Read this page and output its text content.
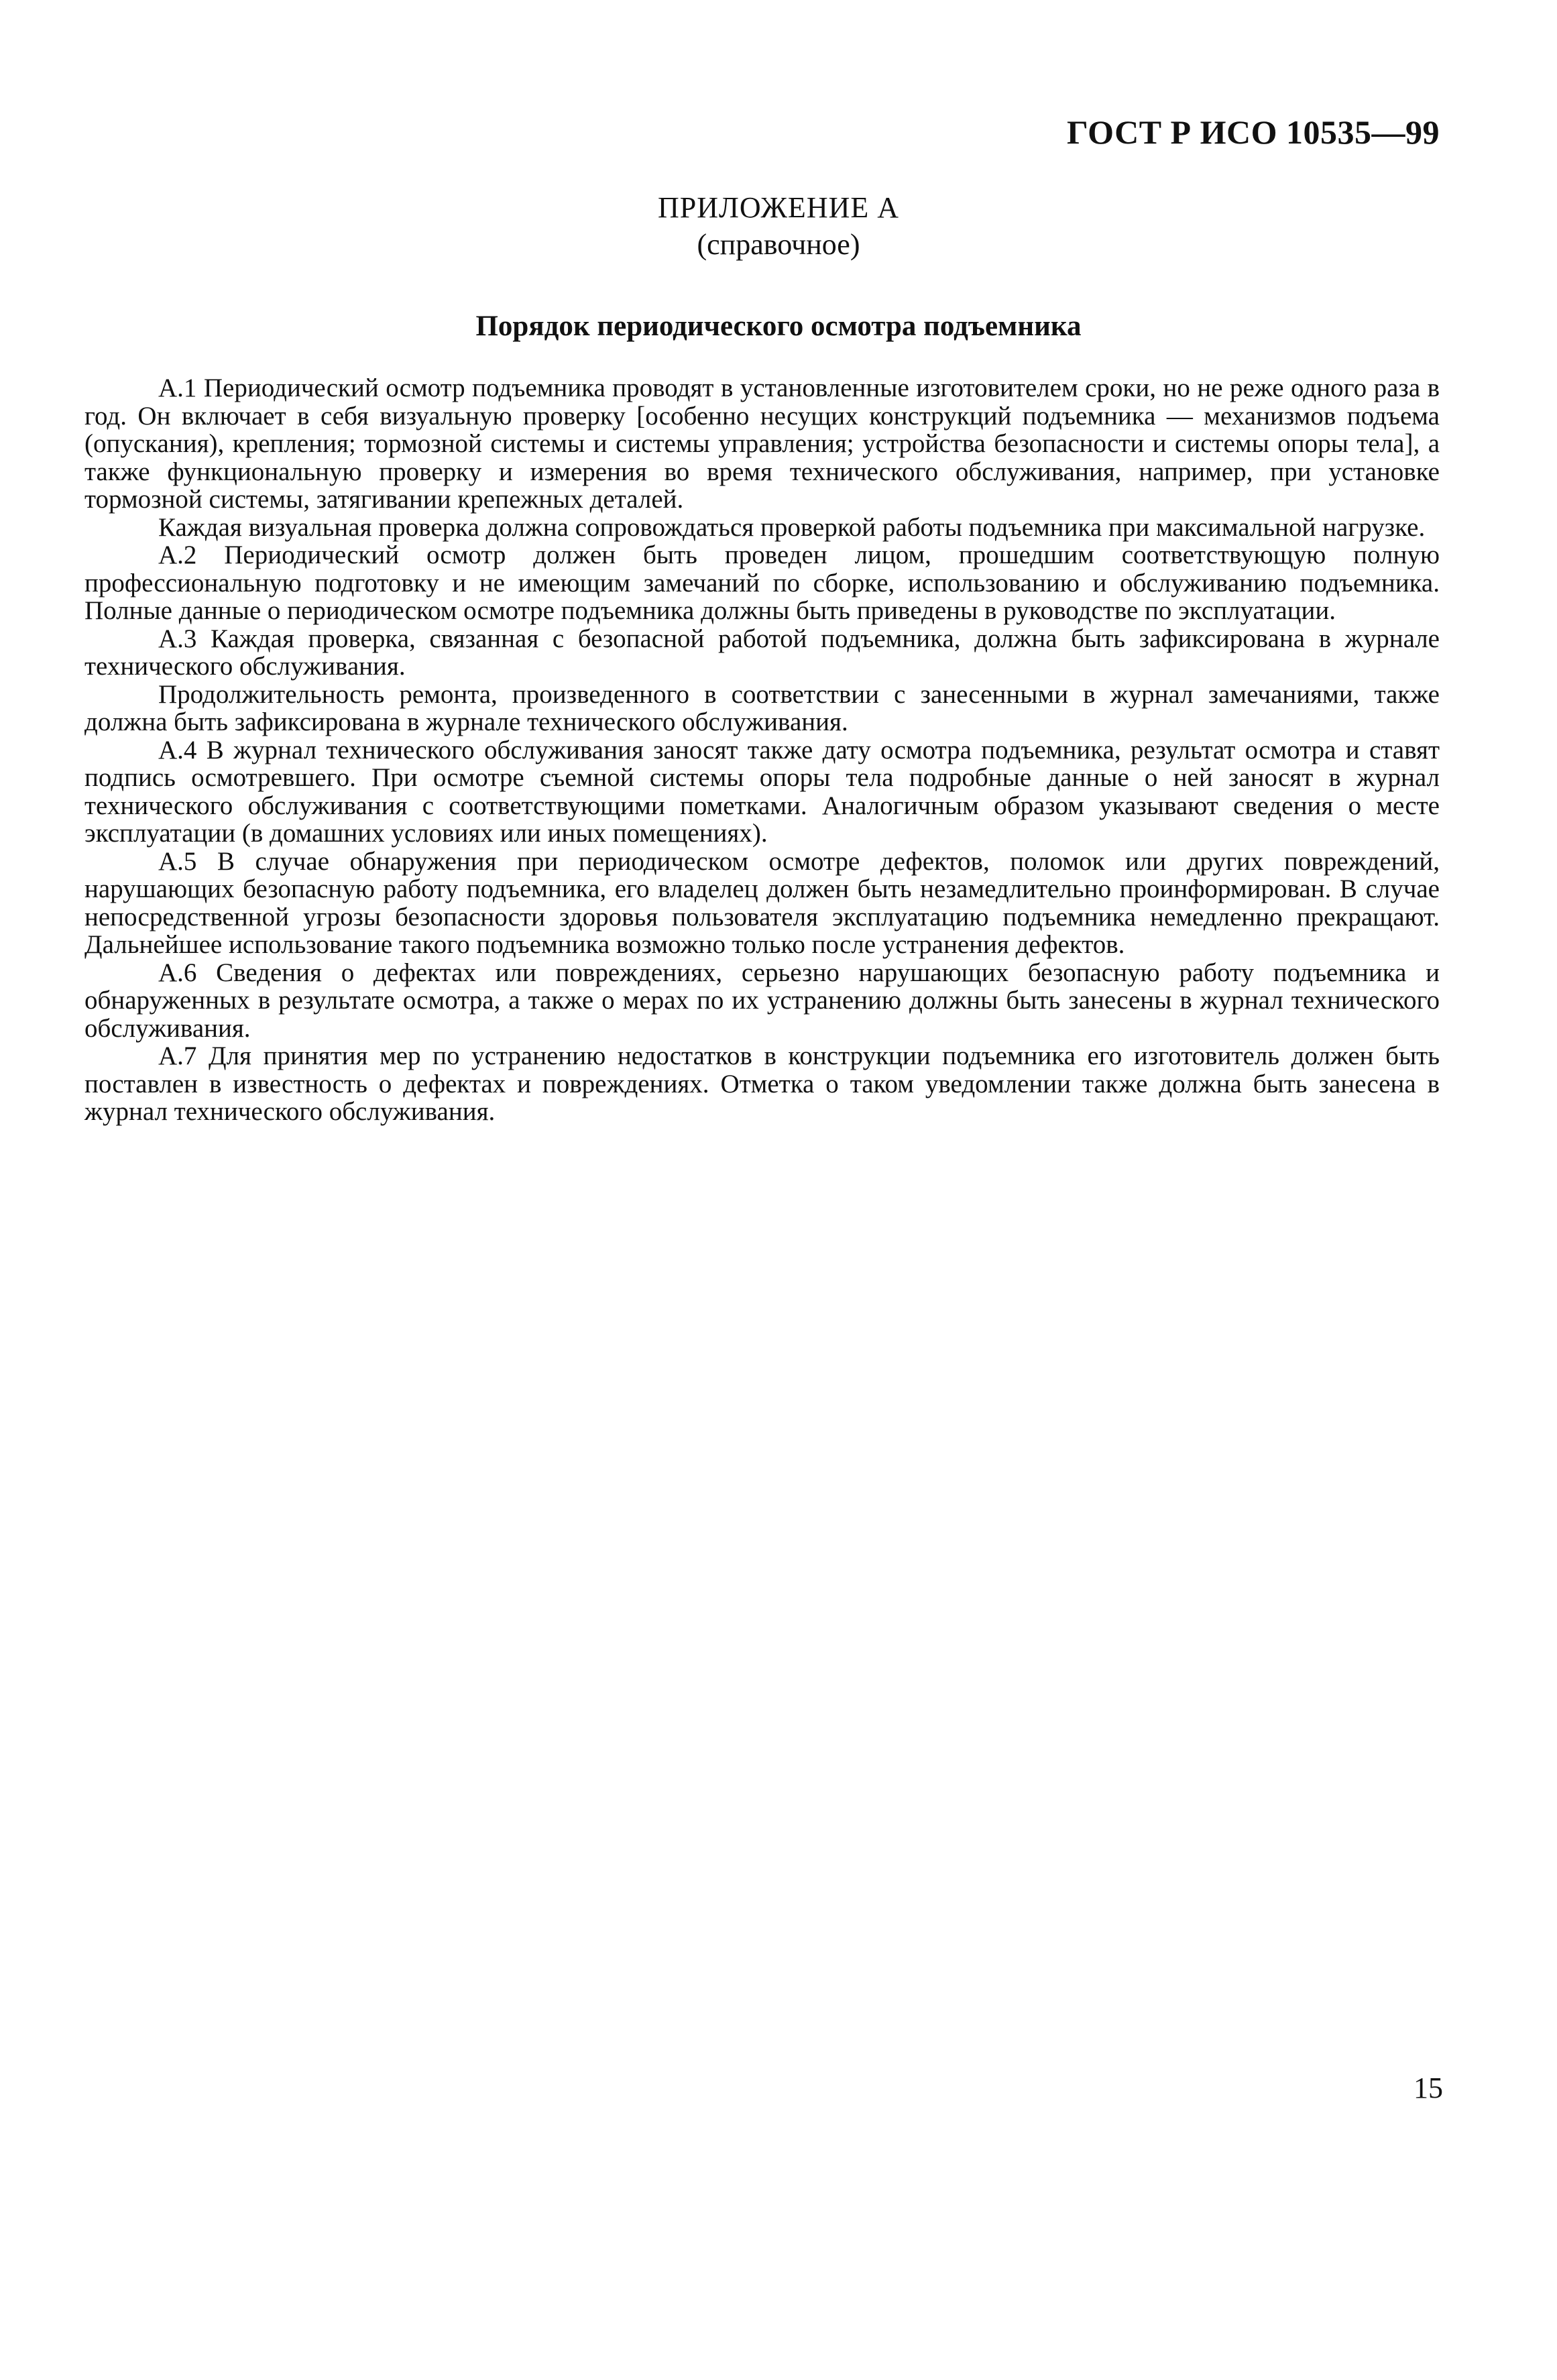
ГОСТ Р ИСО 10535—99
ПРИЛОЖЕНИЕ А
(справочное)
Порядок периодического осмотра подъемника

А.1 Периодический осмотр подъемника проводят в установленные изготовителем сроки, но не реже одного раза в год. Он включает в себя визуальную проверку [особенно несущих конструкций подъемника — механизмов подъема (опускания), крепления; тормозной системы и системы управления; устройства безопасности и системы опоры тела], а также функциональную проверку и измерения во время технического обслуживания, например, при установке тормозной системы, затягивании крепежных деталей.

Каждая визуальная проверка должна сопровождаться проверкой работы подъемника при максимальной нагрузке.

А.2 Периодический осмотр должен быть проведен лицом, прошедшим соответствующую полную профессиональную подготовку и не имеющим замечаний по сборке, использованию и обслуживанию подъемника. Полные данные о периодическом осмотре подъемника должны быть приведены в руководстве по эксплуатации.

А.3 Каждая проверка, связанная с безопасной работой подъемника, должна быть зафиксирована в журнале технического обслуживания.

Продолжительность ремонта, произведенного в соответствии с занесенными в журнал замечаниями, также должна быть зафиксирована в журнале технического обслуживания.

А.4 В журнал технического обслуживания заносят также дату осмотра подъемника, результат осмотра и ставят подпись осмотревшего. При осмотре съемной системы опоры тела подробные данные о ней заносят в журнал технического обслуживания с соответствующими пометками. Аналогичным образом указывают сведения о месте эксплуатации (в домашних условиях или иных помещениях).

А.5 В случае обнаружения при периодическом осмотре дефектов, поломок или других повреждений, нарушающих безопасную работу подъемника, его владелец должен быть незамедлительно проинформирован. В случае непосредственной угрозы безопасности здоровья пользователя эксплуатацию подъемника немедленно прекращают. Дальнейшее использование такого подъемника возможно только после устранения дефектов.

А.6 Сведения о дефектах или повреждениях, серьезно нарушающих безопасную работу подъемника и обнаруженных в результате осмотра, а также о мерах по их устранению должны быть занесены в журнал технического обслуживания.

А.7 Для принятия мер по устранению недостатков в конструкции подъемника его изготовитель должен быть поставлен в известность о дефектах и повреждениях. Отметка о таком уведомлении также должна быть занесена в журнал технического обслуживания.

15
